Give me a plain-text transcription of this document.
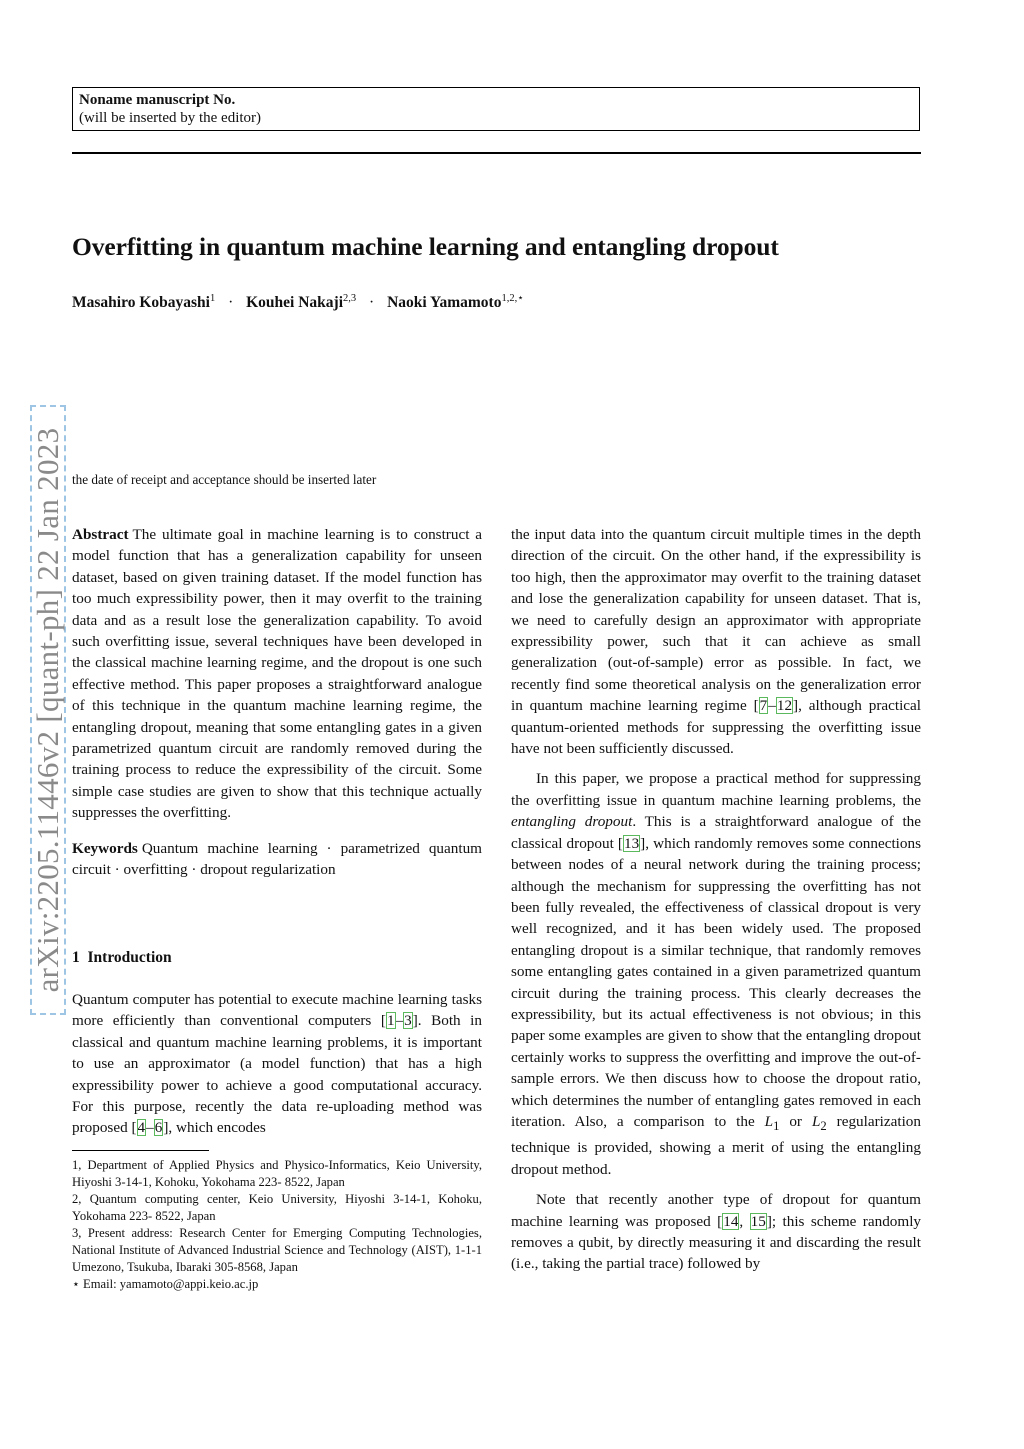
Noname manuscript No.
(will be inserted by the editor)
Overfitting in quantum machine learning and entangling dropout
Masahiro Kobayashi$^1$ · Kouhei Nakaji$^{2,3}$ · Naoki Yamamoto$^{1,2,⋆}$
arXiv:2205.11446v2 [quant-ph] 22 Jan 2023 the date of receipt and acceptance should be inserted later

Abstract The ultimate goal in machine learning is to construct a model function that has a generalization capability for unseen dataset, based on given training dataset. If the model function has too much expressibility power, then it may overfit to the training data and as a result lose the generalization capability. To avoid such overfitting issue, several techniques have been developed in the classical machine learning regime, and the dropout is one such effective method. This paper proposes a straightforward analogue of this technique in the quantum machine learning regime, the entangling dropout, meaning that some entangling gates in a given parametrized quantum circuit are randomly removed during the training process to reduce the expressibility of the circuit. Some simple case studies are given to show that this technique actually suppresses the overfitting.

Keywords Quantum machine learning · parametrized quantum circuit · overfitting · dropout regularization

1 Introduction

Quantum computer has potential to execute machine learning tasks more efficiently than conventional computers [1–3]. Both in classical and quantum machine learning problems, it is important to use an approximator (a model function) that has a high expressibility power to achieve a good computational accuracy. For this purpose, recently the data re-uploading method was proposed [4–6], which encodes

1, Department of Applied Physics and Physico-Informatics, Keio University, Hiyoshi 3-14-1, Kohoku, Yokohama 223- 8522, Japan

2, Quantum computing center, Keio University, Hiyoshi 3-14-1, Kohoku, Yokohama 223- 8522, Japan

3, Present address: Research Center for Emerging Computing Technologies, National Institute of Advanced Industrial Science and Technology (AIST), 1-1-1 Umezono, Tsukuba, Ibaraki 305-8568, Japan

⋆ Email: yamamoto@appi.keio.ac.jp

the input data into the quantum circuit multiple times in the depth direction of the circuit. On the other hand, if the expressibility is too high, then the approximator may overfit to the training dataset and lose the generalization capability for unseen dataset. That is, we need to carefully design an approximator with appropriate expressibility power, such that it can achieve as small generalization (out-of-sample) error as possible. In fact, we recently find some theoretical analysis on the generalization error in quantum machine learning regime [7–12], although practical quantum-oriented methods for suppressing the overfitting issue have not been sufficiently discussed.

In this paper, we propose a practical method for suppressing the overfitting issue in quantum machine learning problems, the entangling dropout. This is a straightforward analogue of the classical dropout [13], which randomly removes some connections between nodes of a neural network during the training process; although the mechanism for suppressing the overfitting has not been fully revealed, the effectiveness of classical dropout is very well recognized, and it has been widely used. The proposed entangling dropout is a similar technique, that randomly removes some entangling gates contained in a given parametrized quantum circuit during the training process. This clearly decreases the expressibility, but its actual effectiveness is not obvious; in this paper some examples are given to show that the entangling dropout certainly works to suppress the overfitting and improve the out-of-sample errors. We then discuss how to choose the dropout ratio, which determines the number of entangling gates removed in each iteration. Also, a comparison to the $L_1$ or $L_2$ regularization technique is provided, showing a merit of using the entangling dropout method.

Note that recently another type of dropout for quantum machine learning was proposed [14, 15]; this scheme randomly removes a qubit, by directly measuring it and discarding the result (i.e., taking the partial trace) followed by
